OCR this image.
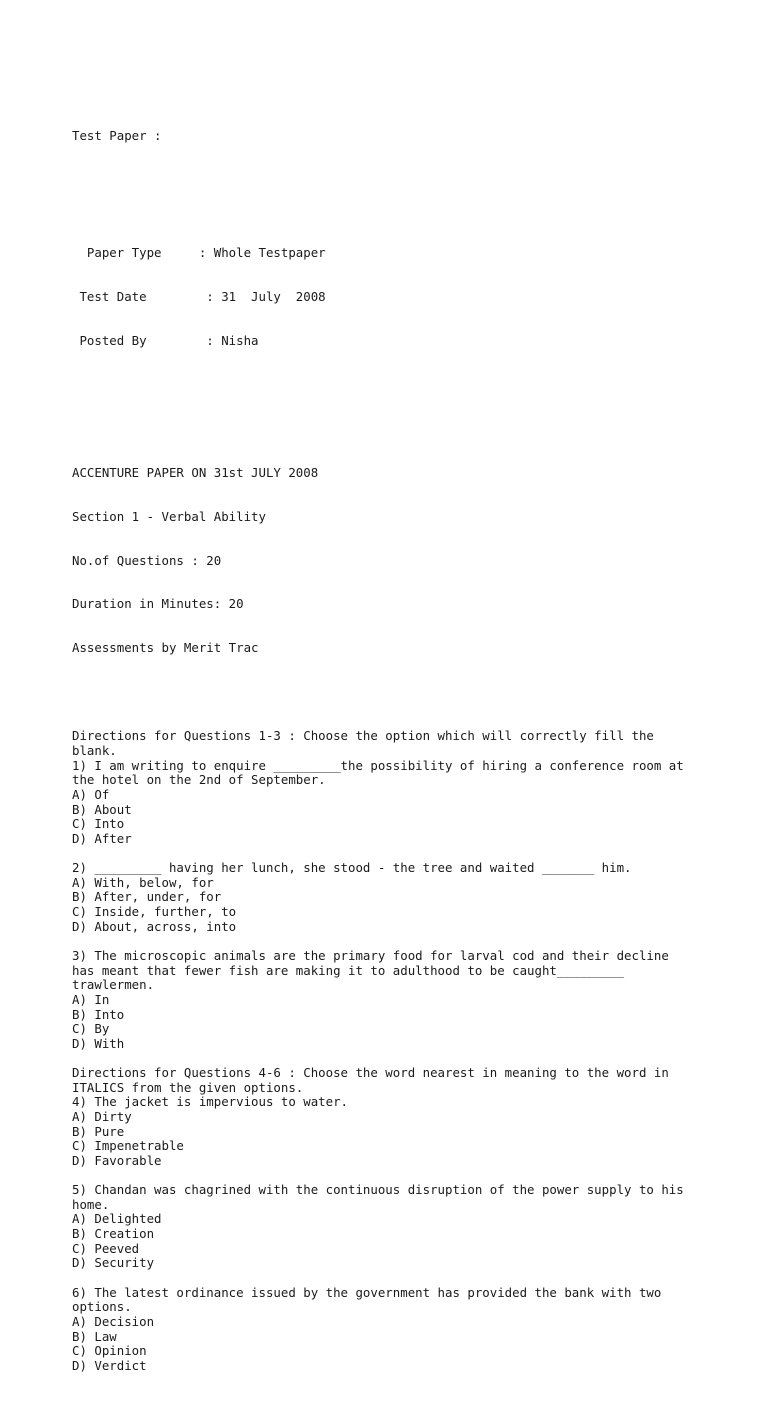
Test Paper :

Paper Type     : Whole Testpaper

Test Date        : 31  July  2008

Posted By        : Nisha

ACCENTURE PAPER ON 31st JULY 2008

Section 1 - Verbal Ability

No.of Questions : 20

Duration in Minutes: 20

Assessments by Merit Trac

Directions for Questions 1-3 : Choose the option which will correctly fill the
blank.
1) I am writing to enquire _________the possibility of hiring a conference room at
the hotel on the 2nd of September.
A) Of
B) About
C) Into
D) After
2) _________ having her lunch, she stood - the tree and waited _______ him.
A) With, below, for
B) After, under, for
C) Inside, further, to
D) About, across, into
3) The microscopic animals are the primary food for larval cod and their decline
has meant that fewer fish are making it to adulthood to be caught_________
trawlermen.
A) In
B) Into
C) By
D) With
Directions for Questions 4-6 : Choose the word nearest in meaning to the word in
ITALICS from the given options.
4) The jacket is impervious to water.
A) Dirty
B) Pure
C) Impenetrable
D) Favorable
5) Chandan was chagrined with the continuous disruption of the power supply to his
home.
A) Delighted
B) Creation
C) Peeved
D) Security
6) The latest ordinance issued by the government has provided the bank with two
options.
A) Decision
B) Law
C) Opinion
D) Verdict
